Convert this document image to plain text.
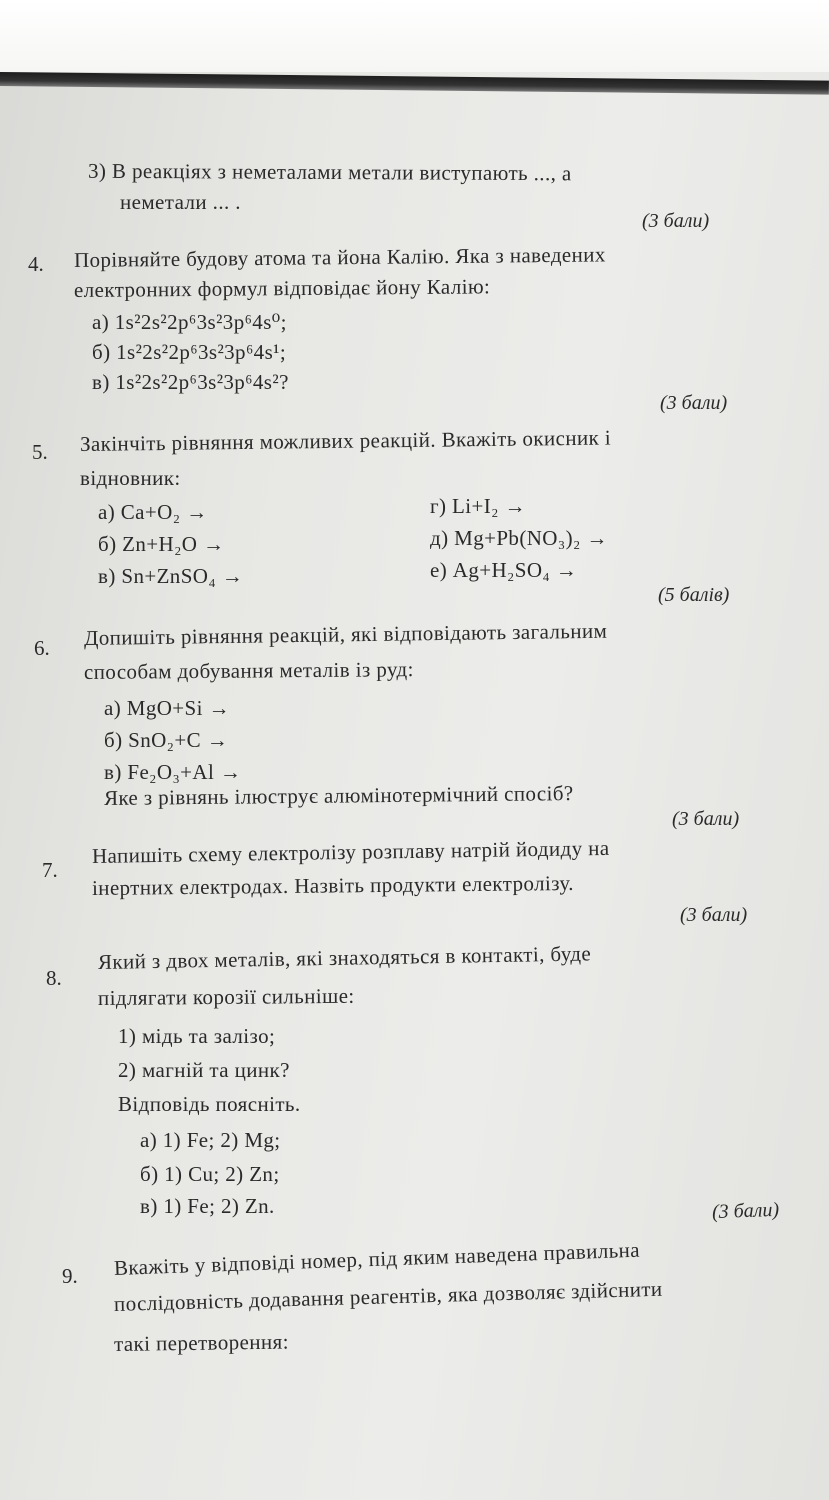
3) В реакціях з неметалами метали виступають ..., а
неметали ... .
(3 бали)
4. Порівняйте будову атома та йона Калію. Яка з наведених
електронних формул відповідає йону Калію:
а) 1s²2s²2p⁶3s²3p⁶4s⁰;
б) 1s²2s²2p⁶3s²3p⁶4s¹;
в) 1s²2s²2p⁶3s²3p⁶4s²?
(3 бали)
5. Закінчіть рівняння можливих реакцій. Вкажіть окисник і
відновник:
а) Ca+O₂ →
б) Zn+H₂O →
в) Sn+ZnSO₄ →
г) Li+I₂ →
д) Mg+Pb(NO₃)₂ →
е) Ag+H₂SO₄ →
(5 балів)
6. Допишіть рівняння реакцій, які відповідають загальним
способам добування металів із руд:
а) MgO+Si →
б) SnO₂+C →
в) Fe₂O₃+Al →
Яке з рівнянь ілюструє алюмінотермічний спосіб?
(3 бали)
7.
Напишіть схему електролізу розплаву натрій йодиду на
інертних електродах. Назвіть продукти електролізу.
(3 бали)
8.
Який з двох металів, які знаходяться в контакті, буде
підлягати корозії сильніше:
1) мідь та залізо;
2) магній та цинк?
Відповідь поясніть.
а) 1) Fe; 2) Mg;
б) 1) Cu; 2) Zn;
в) 1) Fe; 2) Zn.	(3 бали)
9. Вкажіть у відповіді номер, під яким наведена правильна
послідовність додавання реагентів, яка дозволяє здійснити
такі перетворення:
